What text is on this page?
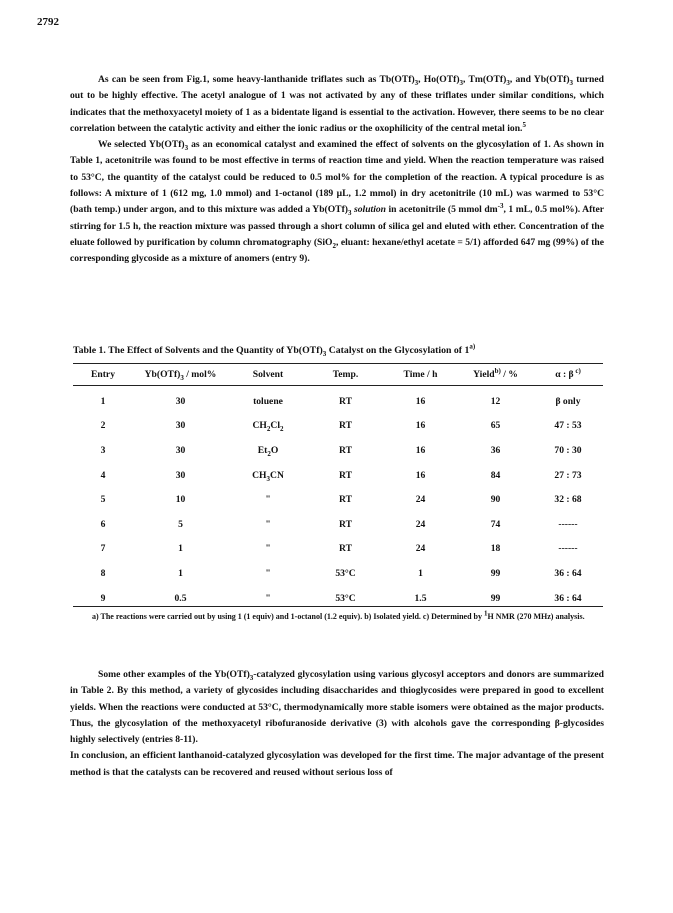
2792

As can be seen from Fig.1, some heavy-lanthanide triflates such as $Tb(OTf)_3$, $Ho(OTf)_3$, $Tm(OTf)_3$, and $Yb(OTf)_3$ turned out to be highly effective. The acetyl analogue of 1 was not activated by any of these triflates under similar conditions, which indicates that the methoxyacetyl moiety of 1 as a bidentate ligand is essential to the activation. However, there seems to be no clear correlation between the catalytic activity and either the ionic radius or the oxophilicity of the central metal ion.$^5$

We selected $Yb(OTf)_3$ as an economical catalyst and examined the effect of solvents on the glycosylation of 1. As shown in Table 1, acetonitrile was found to be most effective in terms of reaction time and yield. When the reaction temperature was raised to 53°C, the quantity of the catalyst could be reduced to 0.5 mol% for the completion of the reaction. A typical procedure is as follows: A mixture of 1 (612 mg, 1.0 mmol) and 1-octanol (189 μL, 1.2 mmol) in dry acetonitrile (10 mL) was warmed to 53°C (bath temp.) under argon, and to this mixture was added a $Yb(OTf)_3$ solution in acetonitrile (5 mmol $dm^{-3}$, 1 mL, 0.5 mol%). After stirring for 1.5 h, the reaction mixture was passed through a short column of silica gel and eluted with ether. Concentration of the eluate followed by purification by column chromatography (SiO$_2$, eluant: hexane/ethyl acetate = 5/1) afforded 647 mg (99%) of the corresponding glycoside as a mixture of anomers (entry 9).

Table 1. The Effect of Solvents and the Quantity of $Yb(OTf)_3$ Catalyst on the Glycosylation of 1$^{a)}$
Entry	$Yb(OTf)_3 / mol\%$	Solvent	Temp.	Time / h	Yield$^{b)}$ / %	α : β $^{c)}$
1	30	toluene	RT	16	12	β only
2	30	$CH_2Cl_2$	RT	16	65	47 : 53
3	30	$Et_2O$	RT	16	36	70 : 30
4	30	$CH_3CN$	RT	16	84	27 : 73
5	10	"	RT	24	90	32 : 68
6	5	"	RT	24	74	------
7	1	"	RT	24	18	------
8	1	"	53°C	1	99	36 : 64
9	0.5	"	53°C	1.5	99	36 : 64
a) The reactions were carried out by using 1 (1 equiv) and 1-octanol (1.2 equiv). b) Isolated yield. c) Determined by $^1$H NMR (270 MHz) analysis.

Some other examples of the $Yb(OTf)_3$-catalyzed glycosylation using various glycosyl acceptors and donors are summarized in Table 2. By this method, a variety of glycosides including disaccharides and thioglycosides were prepared in good to excellent yields. When the reactions were conducted at 53°C, thermodynamically more stable isomers were obtained as the major products. Thus, the glycosylation of the methoxyacetyl ribofuranoside derivative (3) with alcohols gave the corresponding β-glycosides highly selectively (entries 8-11).

In conclusion, an efficient lanthanoid-catalyzed glycosylation was developed for the first time. The major advantage of the present method is that the catalysts can be recovered and reused without serious loss of
